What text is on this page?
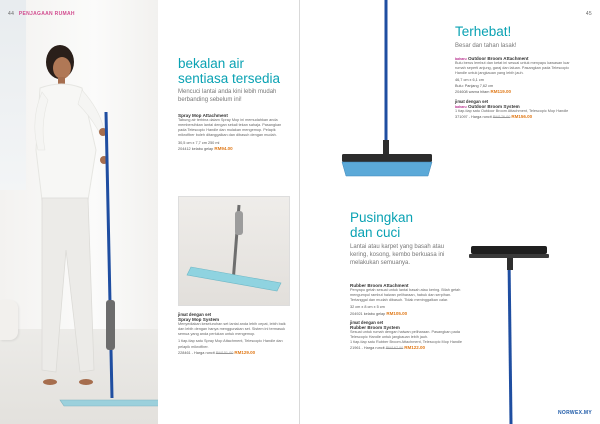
44 PENJAGAAN RUMAH
bekalan air
sentiasa tersedia
Mencuci lantai anda kini lebih mudah berbanding sebelum ini!
Spray Mop Attachment
Tabung air terbina dalam Spray Mop ini memudahkan anda membersihkan lantai dengan sekali tekan sahaja. Pasangkan pada Telescopic Handle dan mulakan mengemop. Pelapik mikrofiber boleh ditanggalkan dan dibasuh dengan mudah.
30,5 cm x 7,7 cm 250 ml
204412 kelabu gelap RM94.00
jimat dengan set
Spray Mop System
Menyediakan keseluruhan set lantai anda lebih cepat, lebih baik dan lebih dengan hanya menggunakan set. Sistem ini termasuk semua yang anda perlukan untuk mengemop.
1 tiap-tiap satu Spray Mop Attachment, Telescopic Handle dan pelapik mikrofiber.
228461 - Harga runcit RM151.00 RM129.00
45
Terhebat!
Besar dan tahan lasak!
baharu Outdoor Broom Attachment
Bulu berus lembut dan ketat ini sesuai untuk menyapu kawasan luar rumah seperti anjung, garaj dan laluan. Pasangkan pada Telescopic Handle untuk jangkauan yang lebih jauh.
46,7 cm x 6,1 cm
Bulu: Panjang 7,62 cm
204608 warna hitam RM119.00
jimat dengan set
baharu Outdoor Broom System
1 tiap-tiap satu Outdoor Broom Attachment, Telescopic Mop Handle
371097 - Harga runcit RM176.00 RM156.00
Pusingkan
dan cuci
Lantai atau karpet yang basah atau kering, kosong, kembo berkuasa ini melakukan semuanya.
Rubber Broom Attachment
Penyapu getah sesuai untuk lantai basah atau kering. Bilah getah mengumpul rambut haiwan peliharaan, habuk dan serpihan. Tertanggal dan mudah dibasuh. Tidak meninggalkan calar.
32 cm x 8 cm x 5 cm
204921 kelabu gelap RM105.00
jimat dengan set
Rubber Broom System
Sesuai untuk rumah dengan haiwan peliharaan. Pasangkan pada Telescopic Handle untuk jangkauan lebih jauh.
1 tiap-tiap satu Rubber Broom Attachment, Telescopic Mop Handle
21961 - Harga runcit RM167.00 RM122.00
NORWEX.MY
